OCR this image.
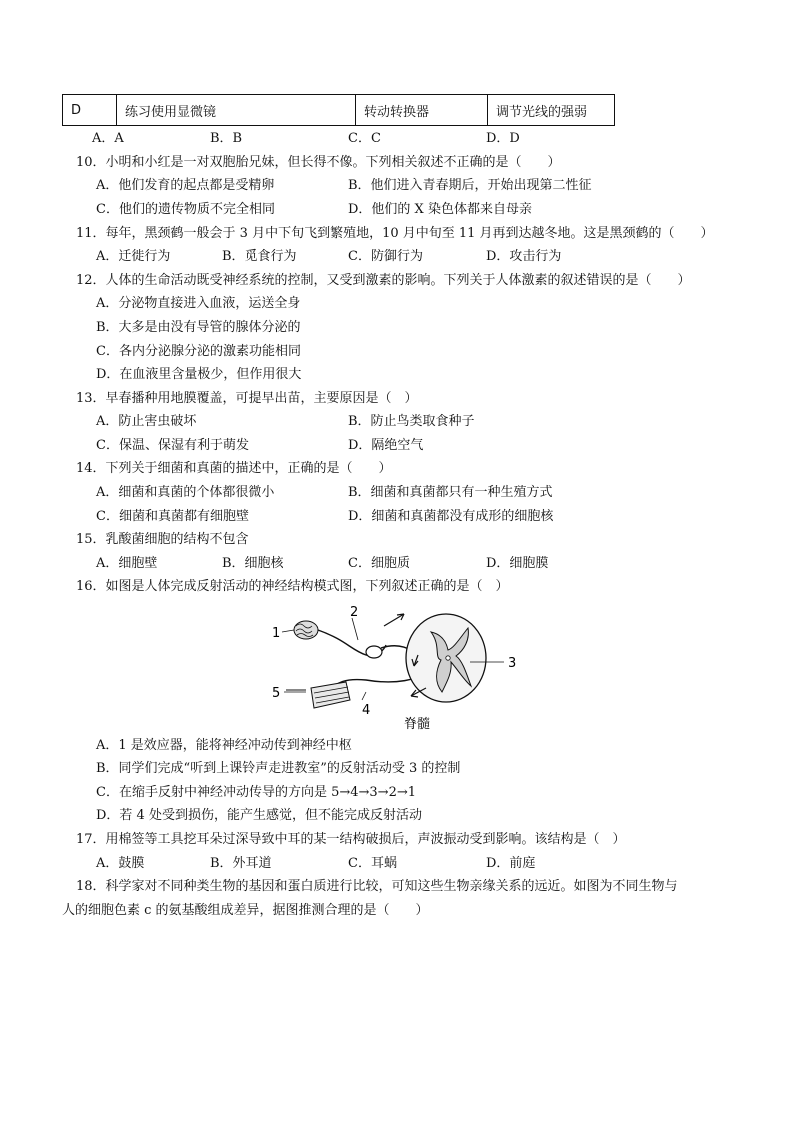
D	练习使用显微镜	转动转换器	调节光线的强弱
A．A	B．B	C．C	D．D
10．小明和小红是一对双胞胎兄妹，但长得不像。下列相关叙述不正确的是（　　）
A．他们发育的起点都是受精卵	B．他们进入青春期后，开始出现第二性征
C．他们的遗传物质不完全相同	D．他们的 X 染色体都来自母亲
11．每年，黑颈鹤一般会于 3 月中下旬飞到繁殖地，10 月中旬至 11 月再到达越冬地。这是黑颈鹤的（　　）
A．迁徙行为	B．觅食行为	C．防御行为	D．攻击行为
12．人体的生命活动既受神经系统的控制，又受到激素的影响。下列关于人体激素的叙述错误的是（　　）
A．分泌物直接进入血液，运送全身
B．大多是由没有导管的腺体分泌的
C．各内分泌腺分泌的激素功能相同
D．在血液里含量极少，但作用很大
13．早春播种用地膜覆盖，可提早出苗，主要原因是（　）
A．防止害虫破坏	B．防止鸟类取食种子
C．保温、保湿有利于萌发	D．隔绝空气
14．下列关于细菌和真菌的描述中，正确的是（　　）
A．细菌和真菌的个体都很微小	B．细菌和真菌都只有一种生殖方式
C．细菌和真菌都有细胞壁	D．细菌和真菌都没有成形的细胞核
15．乳酸菌细胞的结构不包含
A．细胞壁	B．细胞核	C．细胞质	D．细胞膜
16．如图是人体完成反射活动的神经结构模式图，下列叙述正确的是（　）
1
2
3
4
5
脊髓
A．1 是效应器，能将神经冲动传到神经中枢
B．同学们完成“听到上课铃声走进教室”的反射活动受 3 的控制
C．在缩手反射中神经冲动传导的方向是 5→4→3→2→1
D．若 4 处受到损伤，能产生感觉，但不能完成反射活动
17．用棉签等工具挖耳朵过深导致中耳的某一结构破损后，声波振动受到影响。该结构是（　）
A．鼓膜	B．外耳道	C．耳蜗	D．前庭
18．科学家对不同种类生物的基因和蛋白质进行比较，可知这些生物亲缘关系的远近。如图为不同生物与
人的细胞色素 c 的氨基酸组成差异，据图推测合理的是（　　）
